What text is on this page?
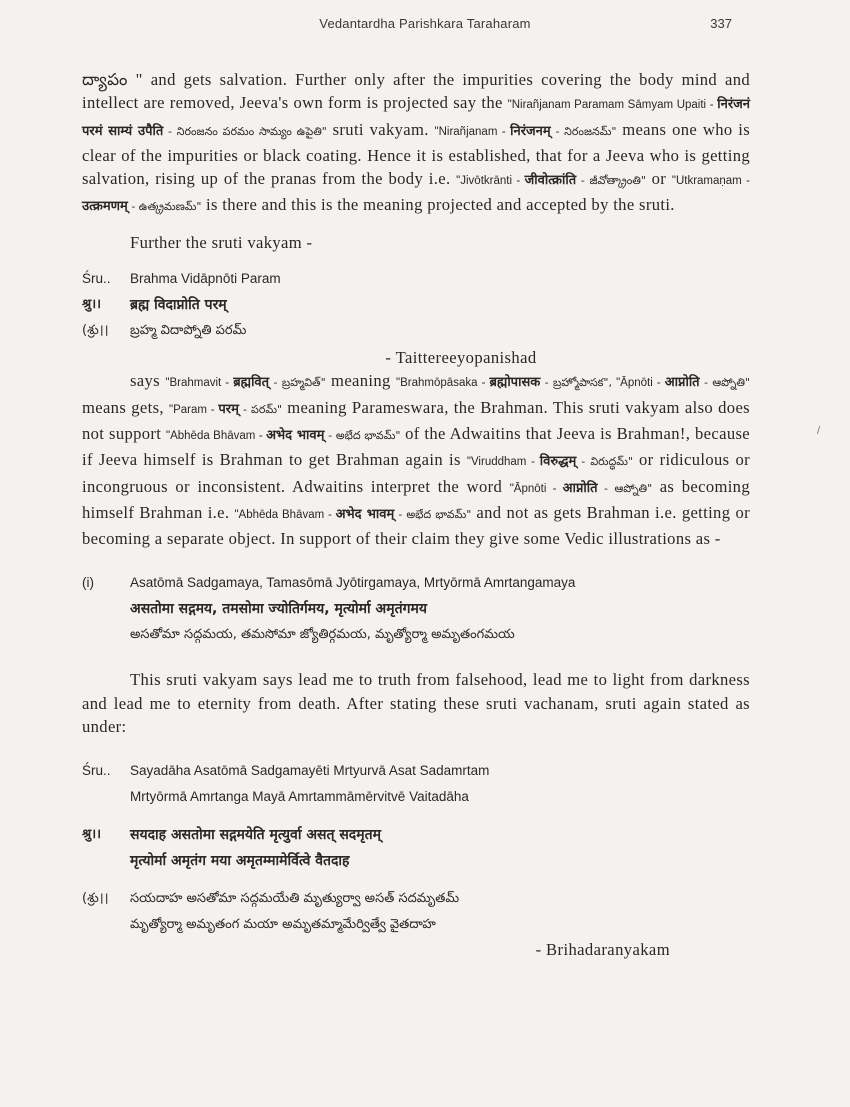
Vedantardha Parishkara Taraharam	337
/

ద్యాపం " and gets salvation. Further only after the impurities covering the body mind and intellect are removed, Jeeva's own form is projected say the "Nirañjanam Paramam Sāmyam Upaiti - निरंजनं परमं साम्यं उपैति - నిరంజనం పరమం సామ్యం ఉపైతి" sruti vakyam. "Nirañjanam - निरंजनम् - నిరంజనమ్" means one who is clear of the impurities or black coating. Hence it is established, that for a Jeeva who is getting salvation, rising up of the pranas from the body i.e. "Jivōtkrānti - जीवोत्क्रांति - జీవోత్క్రాంతి" or "Utkramaṇam - उत्क्रमणम् - ఉత్క్రమణమ్" is there and this is the meaning projected and accepted by the sruti.

Further the sruti vakyam -

Śru..	Brahma Vidāpnōti Param
श्रु।।	ब्रह्म विदाप्नोति परम्
(శ్రు।।	బ్రహ్మ విదాప్నోతి పరమ్
- Taittereeyopanishad

says "Brahmavit - ब्रह्मवित् - బ్రహ్మవిత్" meaning "Brahmōpāsaka - ब्रह्मोपासक - బ్రహ్మోపాసక", "Āpnōti - आप्नोति - ఆప్నోతి" means gets, "Param - परम् - పరమ్" meaning Parameswara, the Brahman. This sruti vakyam also does not support "Abhēda Bhāvam - अभेद भावम् - అభేద భావమ్" of the Adwaitins that Jeeva is Brahman!, because if Jeeva himself is Brahman to get Brahman again is "Viruddham - विरुद्धम् - విరుద్ధమ్" or ridiculous or incongruous or inconsistent. Adwaitins interpret the word "Āpnōti - आप्नोति - ఆప్నోతి" as becoming himself Brahman i.e. "Abhēda Bhāvam - अभेद भावम् - అభేద భావమ్" and not as gets Brahman i.e. getting or becoming a separate object. In support of their claim they give some Vedic illustrations as -

(i)	Asatōmā Sadgamaya, Tamasōmā Jyōtirgamaya, Mrtyōrmā Amrtangamaya
असतोमा सद्गमय, तमसोमा ज्योतिर्गमय, मृत्योर्मा अमृतंगमय
అసతోమా సద్గమయ, తమసోమా జ్యోతిర్గమయ, మృత్యోర్మా అమృతంగమయ

This sruti vakyam says lead me to truth from falsehood, lead me to light from darkness and lead me to eternity from death. After stating these sruti vachanam, sruti again stated as under:

Śru..	Sayadāha Asatōmā Sadgamayēti Mrtyurvā Asat Sadamrtam
Mrtyōrmā Amrtanga Mayā Amrtammāmērvitvē Vaitadāha
श्रु।।	सयदाह असतोमा सद्गमयेति मृत्युर्वा असत् सदमृतम्
मृत्योर्मा अमृतंग मया अमृतम्मामेर्वित्वे वैतदाह
(శ్రు।।	సయదాహ అసతోమా సద్గమయేతి మృత్యుర్వా అసత్ సదమృతమ్
మృత్యోర్మా అమృతంగ మయా అమృతమ్మామేర్విత్వే వైతదాహ
- Brihadaranyakam
